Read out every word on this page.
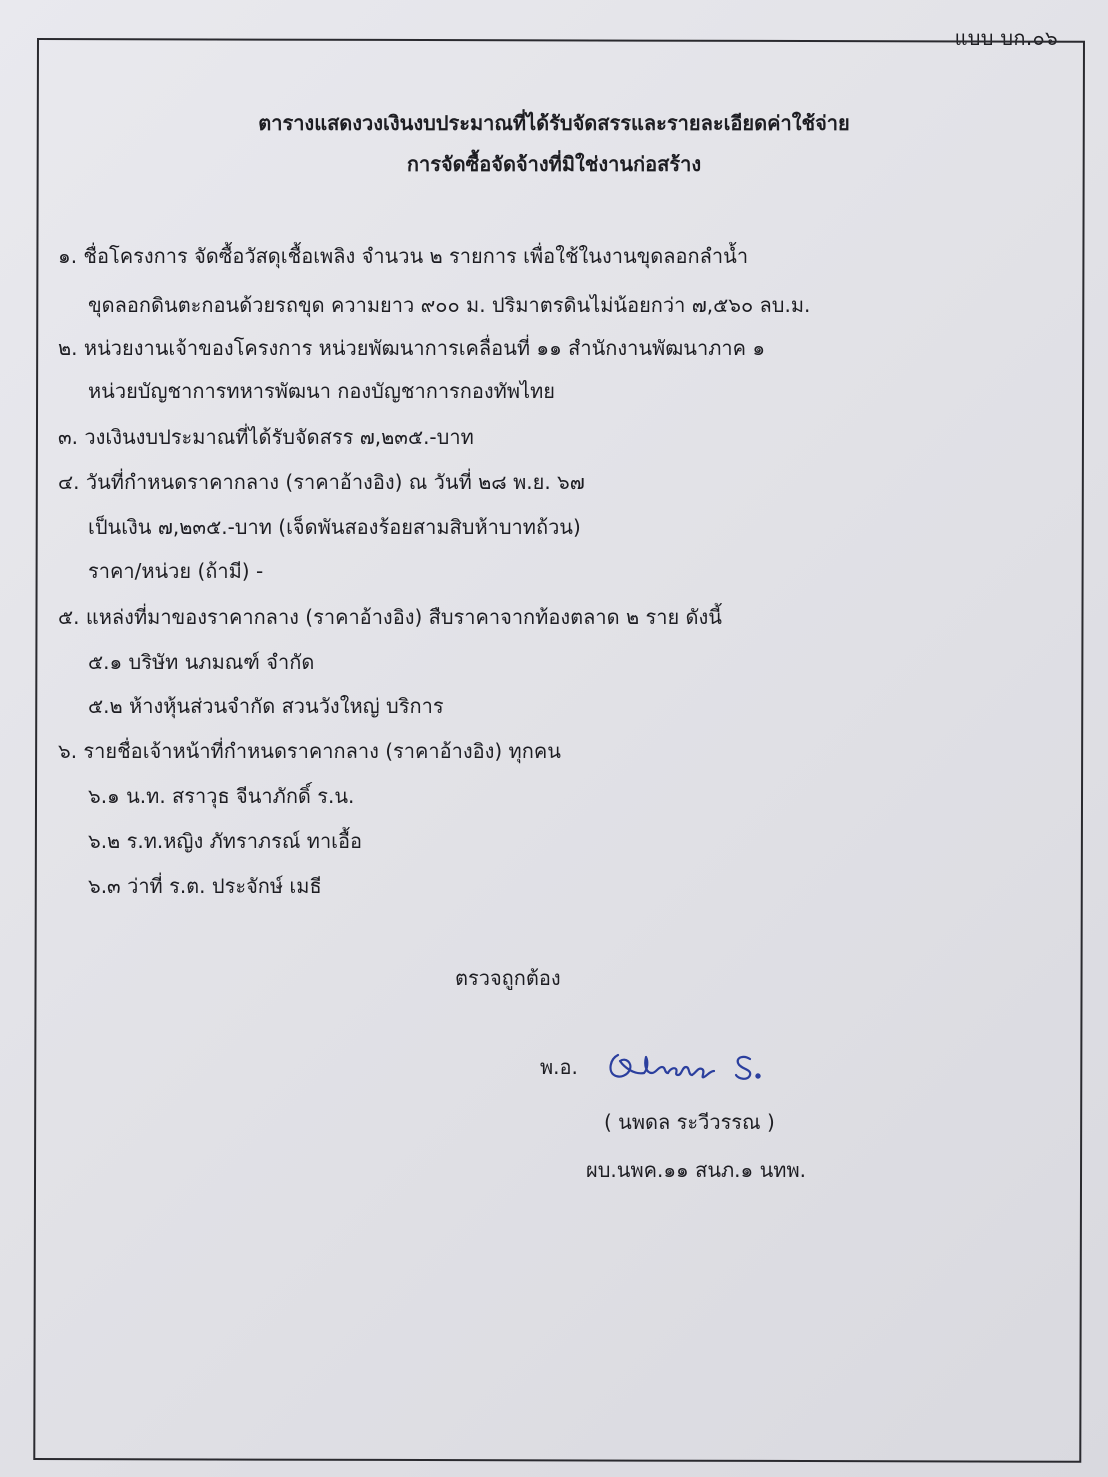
แบบ บก.๐๖
ตารางแสดงวงเงินงบประมาณที่ได้รับจัดสรรและรายละเอียดค่าใช้จ่าย
การจัดซื้อจัดจ้างที่มิใช่งานก่อสร้าง
๑. ชื่อโครงการ จัดซื้อวัสดุเชื้อเพลิง จำนวน ๒ รายการ เพื่อใช้ในงานขุดลอกลำน้ำ
ขุดลอกดินตะกอนด้วยรถขุด ความยาว ๙๐๐ ม. ปริมาตรดินไม่น้อยกว่า ๗,๕๖๐ ลบ.ม.
๒. หน่วยงานเจ้าของโครงการ หน่วยพัฒนาการเคลื่อนที่ ๑๑ สำนักงานพัฒนาภาค ๑
หน่วยบัญชาการทหารพัฒนา กองบัญชาการกองทัพไทย
๓. วงเงินงบประมาณที่ได้รับจัดสรร ๗,๒๓๕.-บาท
๔. วันที่กำหนดราคากลาง (ราคาอ้างอิง) ณ วันที่ ๒๘ พ.ย. ๖๗
เป็นเงิน ๗,๒๓๕.-บาท (เจ็ดพันสองร้อยสามสิบห้าบาทถ้วน)
ราคา/หน่วย (ถ้ามี) -
๕. แหล่งที่มาของราคากลาง (ราคาอ้างอิง) สืบราคาจากท้องตลาด ๒ ราย ดังนี้
๕.๑ บริษัท นภมณฑ์ จำกัด
๕.๒ ห้างหุ้นส่วนจำกัด สวนวังใหญ่ บริการ
๖. รายชื่อเจ้าหน้าที่กำหนดราคากลาง (ราคาอ้างอิง) ทุกคน
๖.๑ น.ท. สราวุธ จีนาภักดิ์ ร.น.
๖.๒ ร.ท.หญิง ภัทราภรณ์ ทาเอื้อ
๖.๓ ว่าที่ ร.ต. ประจักษ์ เมธี
ตรวจถูกต้อง
พ.อ.
( นพดล ระวีวรรณ )
ผบ.นพค.๑๑ สนภ.๑ นทพ.
